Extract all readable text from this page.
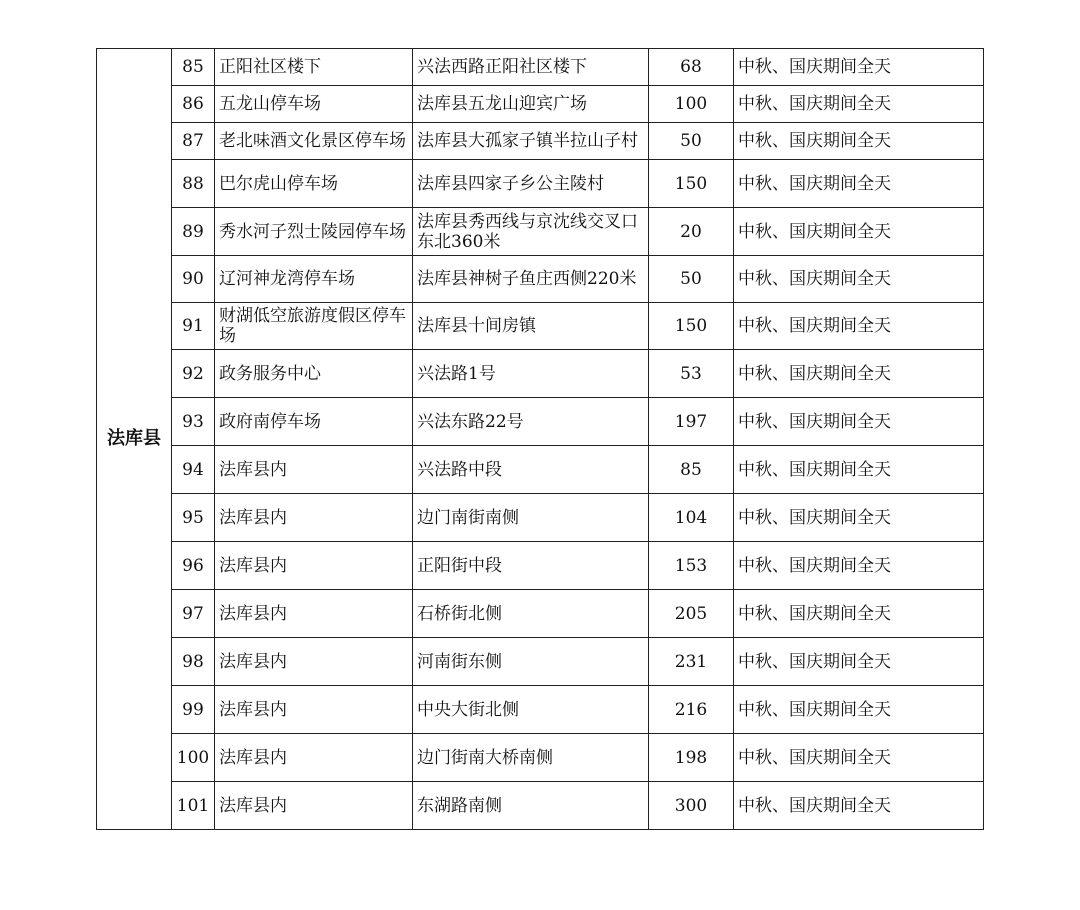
法库县	85	正阳社区楼下	兴法西路正阳社区楼下	68	中秋、国庆期间全天
	86	五龙山停车场	法库县五龙山迎宾广场	100	中秋、国庆期间全天
	87	老北味酒文化景区停车场	法库县大孤家子镇半拉山子村	50	中秋、国庆期间全天
	88	巴尔虎山停车场	法库县四家子乡公主陵村	150	中秋、国庆期间全天
	89	秀水河子烈士陵园停车场	法库县秀西线与京沈线交叉口东北360米	20	中秋、国庆期间全天
	90	辽河神龙湾停车场	法库县神树子鱼庄西侧220米	50	中秋、国庆期间全天
	91	财湖低空旅游度假区停车场	法库县十间房镇	150	中秋、国庆期间全天
	92	政务服务中心	兴法路1号	53	中秋、国庆期间全天
	93	政府南停车场	兴法东路22号	197	中秋、国庆期间全天
	94	法库县内	兴法路中段	85	中秋、国庆期间全天
	95	法库县内	边门南街南侧	104	中秋、国庆期间全天
	96	法库县内	正阳街中段	153	中秋、国庆期间全天
	97	法库县内	石桥街北侧	205	中秋、国庆期间全天
	98	法库县内	河南街东侧	231	中秋、国庆期间全天
	99	法库县内	中央大街北侧	216	中秋、国庆期间全天
	100	法库县内	边门街南大桥南侧	198	中秋、国庆期间全天
	101	法库县内	东湖路南侧	300	中秋、国庆期间全天
